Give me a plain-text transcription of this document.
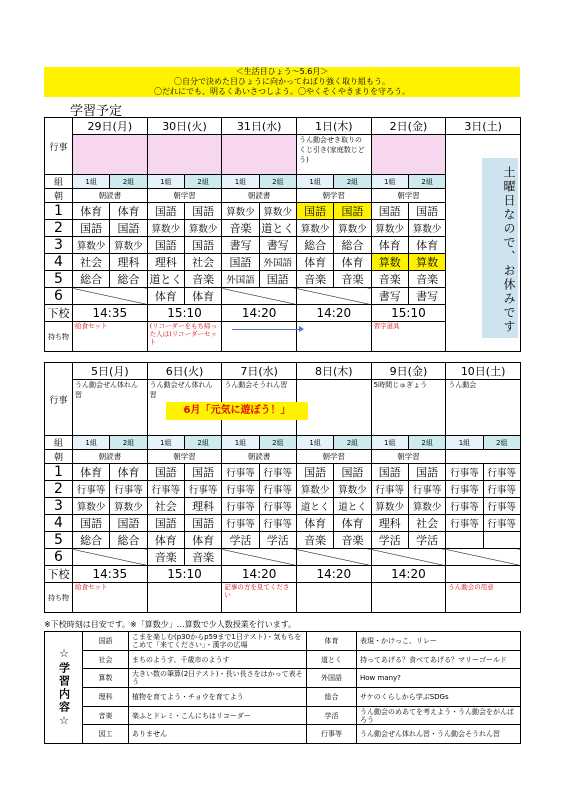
＜生活目ひょう～5.6月＞
〇自分で決めた目ひょうに向かってねばり強く取り組もう。
〇だれにでも、明るくあいさつしよう。〇やくそくやきまりを守ろう。
学習予定
行事	29日(月)		30日(火)		31日(水)		1日(木)		2日(金)		3日(土)
							うん動会せき取りのくじ引き(家庭数じどう)				
組	1組	2組	1組	2組	1組	2組	1組	2組	1組	2組	
朝	朝読書		朝学習		朝読書		朝学習		朝学習		
1	体育	体育	国語	国語	算数少	算数少	国語	国語	国語	国語	
2	国語	国語	算数少	算数少	音楽	道とく	算数少	算数少	算数少	算数少	
3	算数少	算数少	国語	国語	書写	書写	総合	総合	体育	体育	
4	社会	理科	理科	社会	国語	外国語	体育	体育	算数	算数	
5	総合	総合	道とく	音楽	外国語	国語	音楽	音楽	音楽	音楽	
6			体育	体育					書写	書写	
下校	14:35		15:10		14:20		14:20		15:10		
持ち物	給食セット		(リコーダーをもち帰った人は)リコーダーセット						習字道具			土曜日なので、お休みです
行事	5日(月)		6日(火)		7日(水)		8日(木)		9日(金)		10日(土)	
	うん動会ぜん体れん習		うん動会ぜん体れん習		うん動会そうれん習				5時間じゅぎょう		うん動会	
組	1組	2組	1組	2組	1組	2組	1組	2組	1組	2組	1組	2組
朝	朝読書		朝学習		朝読書		朝学習		朝学習			
1	体育	体育	国語	国語	行事等	行事等	国語	国語	国語	国語	行事等	行事等
2	行事等	行事等	行事等	行事等	行事等	行事等	算数少	算数少	行事等	行事等	行事等	行事等
3	算数少	算数少	社会	理科	行事等	行事等	道とく	道とく	算数少	算数少	行事等	行事等
4	国語	国語	国語	国語	行事等	行事等	体育	体育	理科	社会	行事等	行事等
5	総合	総合	体育	体育	学活	学活	音楽	音楽	学活	学活		
6			音楽	音楽								
下校	14:35		15:10		14:20		14:20		14:20			
持ち物	給食セット				記事の方を見てください						うん動会の用意	
6月「元気に遊ぼう！」
※下校時刻は目安です。※「算数少」…算数で少人数授業を行います。
☆学習内容☆	国語	こまを楽しむ(p30からp59まで1日テスト)・気もちをこめて「来てください」・漢字の広場	体育	表現・かけっこ、リレー
	社会	まちのようす、千歳市のようす	道とく	持ってあげる？食べてあげる？マリーゴールド
	算数	大きい数の筆算(2日テスト)・長い長さをはかって表そう	外国語	How many?
	理科	植物を育てよう・チョウを育てよう	総合	サケのくらしから学ぶSDGs
	音楽	楽ふとドレミ・こんにちはリコーダー	学活	うん動会のめあてを考えよう・うん動会をがんばろう
	図工	ありません	行事等	うん動会ぜん体れん習・うん動会そうれん習
